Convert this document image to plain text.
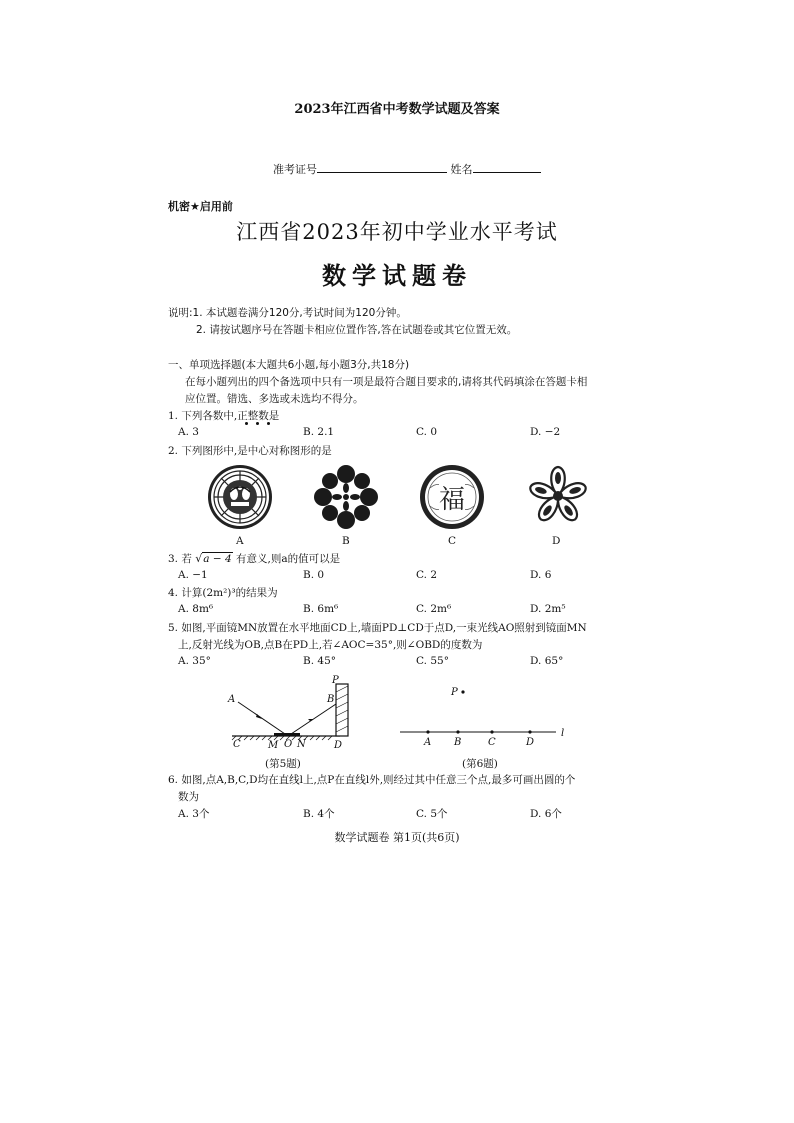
2023年江西省中考数学试题及答案
准考证号	姓名
机密★启用前
江西省2023年初中学业水平考试
数学试题卷
说明:1. 本试题卷满分120分,考试时间为120分钟。
2. 请按试题序号在答题卡相应位置作答,答在试题卷或其它位置无效。
一、单项选择题(本大题共6小题,每小题3分,共18分)
在每小题列出的四个备选项中只有一项是最符合题目要求的,请将其代码填涂在答题卡相
应位置。错选、多选或未选均不得分。
1. 下列各数中,正整数是
A. 3	B. 2.1	C. 0	D. −2
2. 下列图形中,是中心对称图形的是
A	B
福
C	D
3. 若 √a − 4 有意义,则a的值可以是
A. −1	B. 0	C. 2	D. 6
4. 计算(2m²)³的结果为
A. 8m⁶	B. 6m⁶	C. 2m⁶	D. 2m⁵
5. 如图,平面镜MN放置在水平地面CD上,墙面PD⊥CD于点D,一束光线AO照射到镜面MN
上,反射光线为OB,点B在PD上,若∠AOC=35°,则∠OBD的度数为
A. 35°	B. 45°	C. 55°	D. 65°
A	B
P
C	M O N	D
(第5题)
P
A B	C	D
l
(第6题)
6. 如图,点A,B,C,D均在直线l上,点P在直线l外,则经过其中任意三个点,最多可画出圆的个
数为
A. 3个	B. 4个	C. 5个	D. 6个
数学试题卷 第1页(共6页)
